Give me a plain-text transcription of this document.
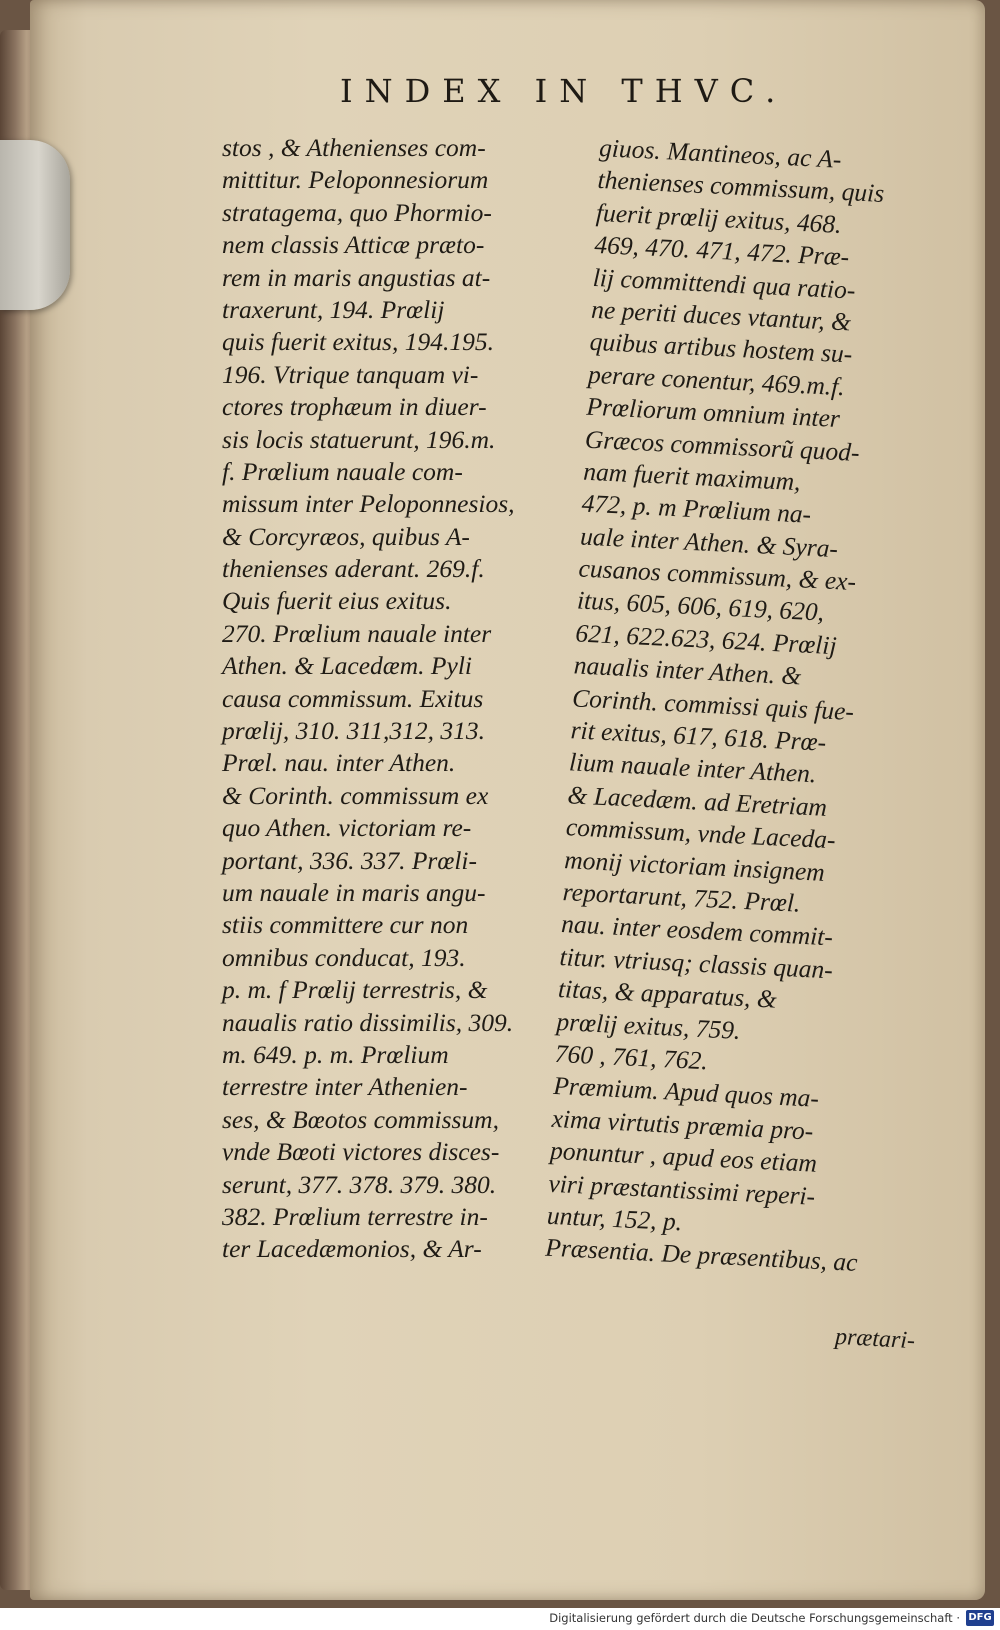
INDEX IN THVC.
stos , & Athenienses com-
mittitur. Peloponnesiorum
stratagema, quo Phormio-
nem classis Atticæ præto-
rem in maris angustias at-
traxerunt, 194. Prœlij
quis fuerit exitus, 194.195.
196. Vtrique tanquam vi-
ctores trophæum in diuer-
sis locis statuerunt, 196.m.
f. Prœlium nauale com-
missum inter Peloponnesios,
& Corcyræos, quibus A-
thenienses aderant. 269.f.
Quis fuerit eius exitus.
270. Prœlium nauale inter
Athen. & Lacedæm. Pyli
causa commissum. Exitus
prœlij, 310. 311,312, 313.
Prœl. nau. inter Athen.
& Corinth. commissum ex
quo Athen. victoriam re-
portant, 336. 337. Prœli-
um nauale in maris angu-
stiis committere cur non
omnibus conducat, 193.
p. m. f Prœlij terrestris, &
naualis ratio dissimilis, 309.
m. 649. p. m. Prœlium
terrestre inter Athenien-
ses, & Bœotos commissum,
vnde Bœoti victores disces-
serunt, 377. 378. 379. 380.
382. Prœlium terrestre in-
ter Lacedæmonios, & Ar-
giuos. Mantineos, ac A-
thenienses commissum, quis
fuerit prœlij exitus, 468.
469, 470. 471, 472. Præ-
lij committendi qua ratio-
ne periti duces vtantur, &
quibus artibus hostem su-
perare conentur, 469.m.f.
Prœliorum omnium inter
Græcos commissorũ quod-
nam fuerit maximum,
472, p. m Prœlium na-
uale inter Athen. & Syra-
cusanos commissum, & ex-
itus, 605, 606, 619, 620,
621, 622.623, 624. Prœlij
naualis inter Athen. &
Corinth. commissi quis fue-
rit exitus, 617, 618. Prœ-
lium nauale inter Athen.
& Lacedæm. ad Eretriam
commissum, vnde Laceda-
monij victoriam insignem
reportarunt, 752. Prœl.
nau. inter eosdem commit-
titur. vtriusq; classis quan-
titas, & apparatus, &
prœlij exitus, 759.
760 , 761, 762.
Præmium. Apud quos ma-
xima virtutis præmia pro-
ponuntur , apud eos etiam
viri præstantissimi reperi-
untur, 152, p.
Præsentia. De præsentibus, ac
prætari-
Digitalisierung gefördert durch die Deutsche Forschungsgemeinschaft · DFG
